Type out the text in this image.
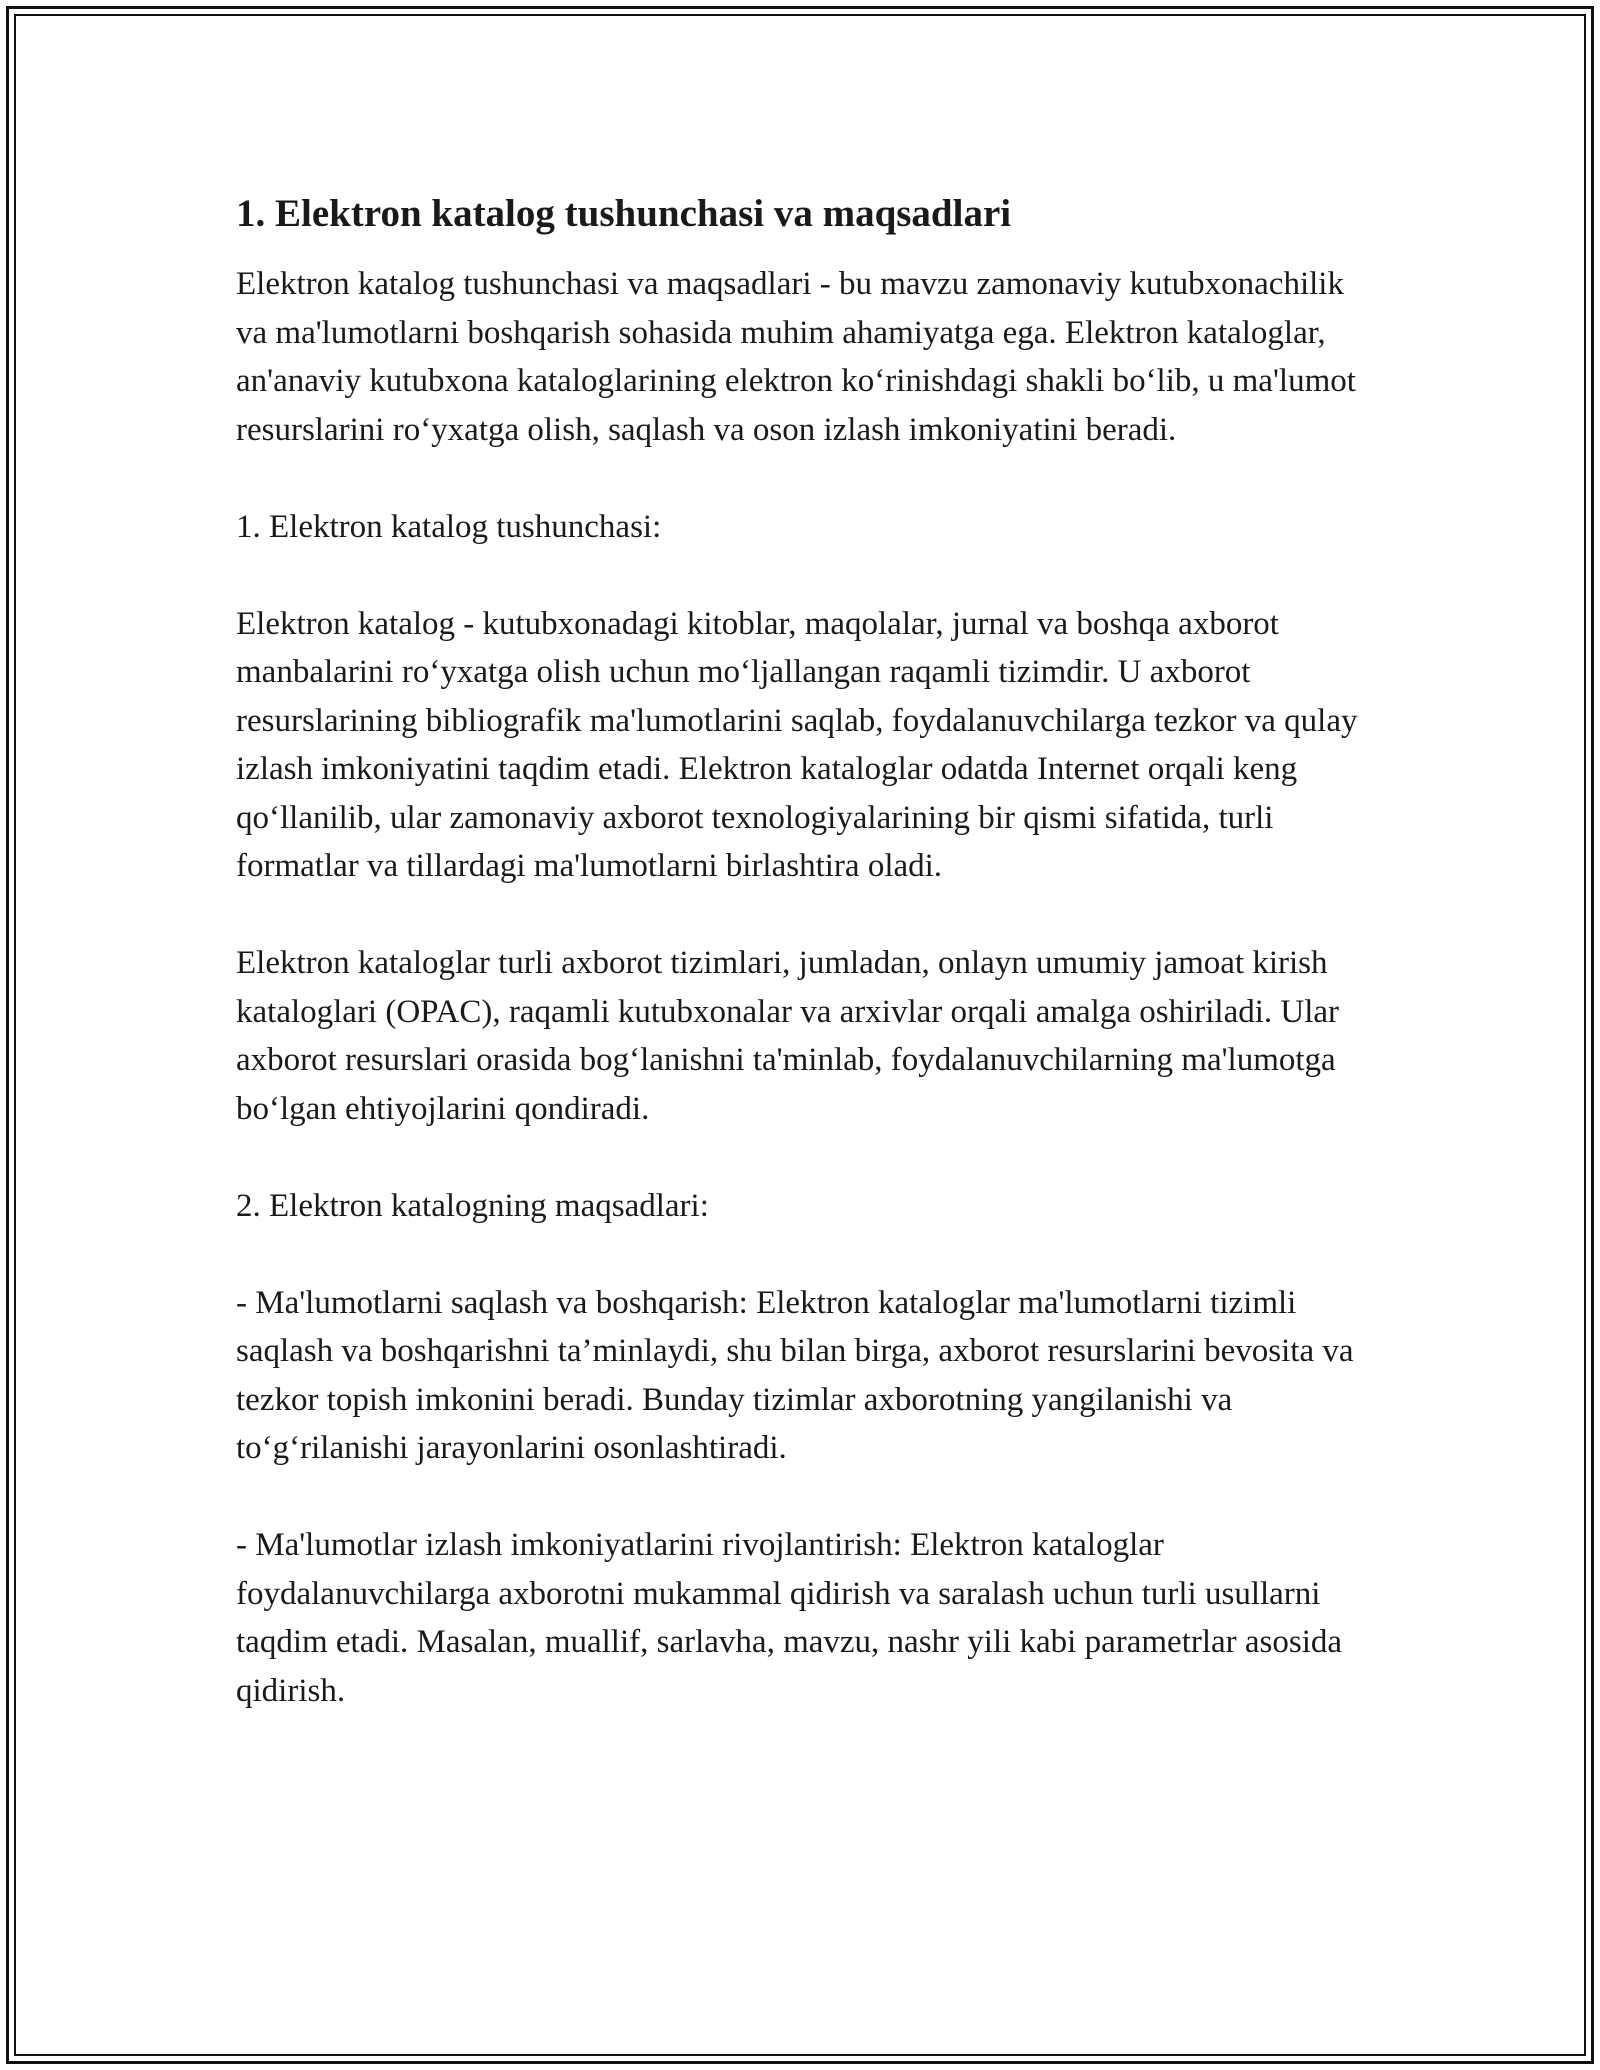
1. Elektron katalog tushunchasi va maqsadlari

Elektron katalog tushunchasi va maqsadlari - bu mavzu zamonaviy kutubxonachilik va ma'lumotlarni boshqarish sohasida muhim ahamiyatga ega. Elektron kataloglar, an'anaviy kutubxona kataloglarining elektron ko‘rinishdagi shakli bo‘lib, u ma'lumot resurslarini ro‘yxatga olish, saqlash va oson izlash imkoniyatini beradi.

1. Elektron katalog tushunchasi:

Elektron katalog - kutubxonadagi kitoblar, maqolalar, jurnal va boshqa axborot manbalarini ro‘yxatga olish uchun mo‘ljallangan raqamli tizimdir. U axborot resurslarining bibliografik ma'lumotlarini saqlab, foydalanuvchilarga tezkor va qulay izlash imkoniyatini taqdim etadi. Elektron kataloglar odatda Internet orqali keng qo‘llanilib, ular zamonaviy axborot texnologiyalarining bir qismi sifatida, turli formatlar va tillardagi ma'lumotlarni birlashtira oladi.

Elektron kataloglar turli axborot tizimlari, jumladan, onlayn umumiy jamoat kirish kataloglari (OPAC), raqamli kutubxonalar va arxivlar orqali amalga oshiriladi. Ular axborot resurslari orasida bog‘lanishni ta'minlab, foydalanuvchilarning ma'lumotga bo‘lgan ehtiyojlarini qondiradi.

2. Elektron katalogning maqsadlari:

- Ma'lumotlarni saqlash va boshqarish: Elektron kataloglar ma'lumotlarni tizimli saqlash va boshqarishni ta’minlaydi, shu bilan birga, axborot resurslarini bevosita va tezkor topish imkonini beradi. Bunday tizimlar axborotning yangilanishi va to‘g‘rilanishi jarayonlarini osonlashtiradi.

- Ma'lumotlar izlash imkoniyatlarini rivojlantirish: Elektron kataloglar foydalanuvchilarga axborotni mukammal qidirish va saralash uchun turli usullarni taqdim etadi. Masalan, muallif, sarlavha, mavzu, nashr yili kabi parametrlar asosida qidirish.
